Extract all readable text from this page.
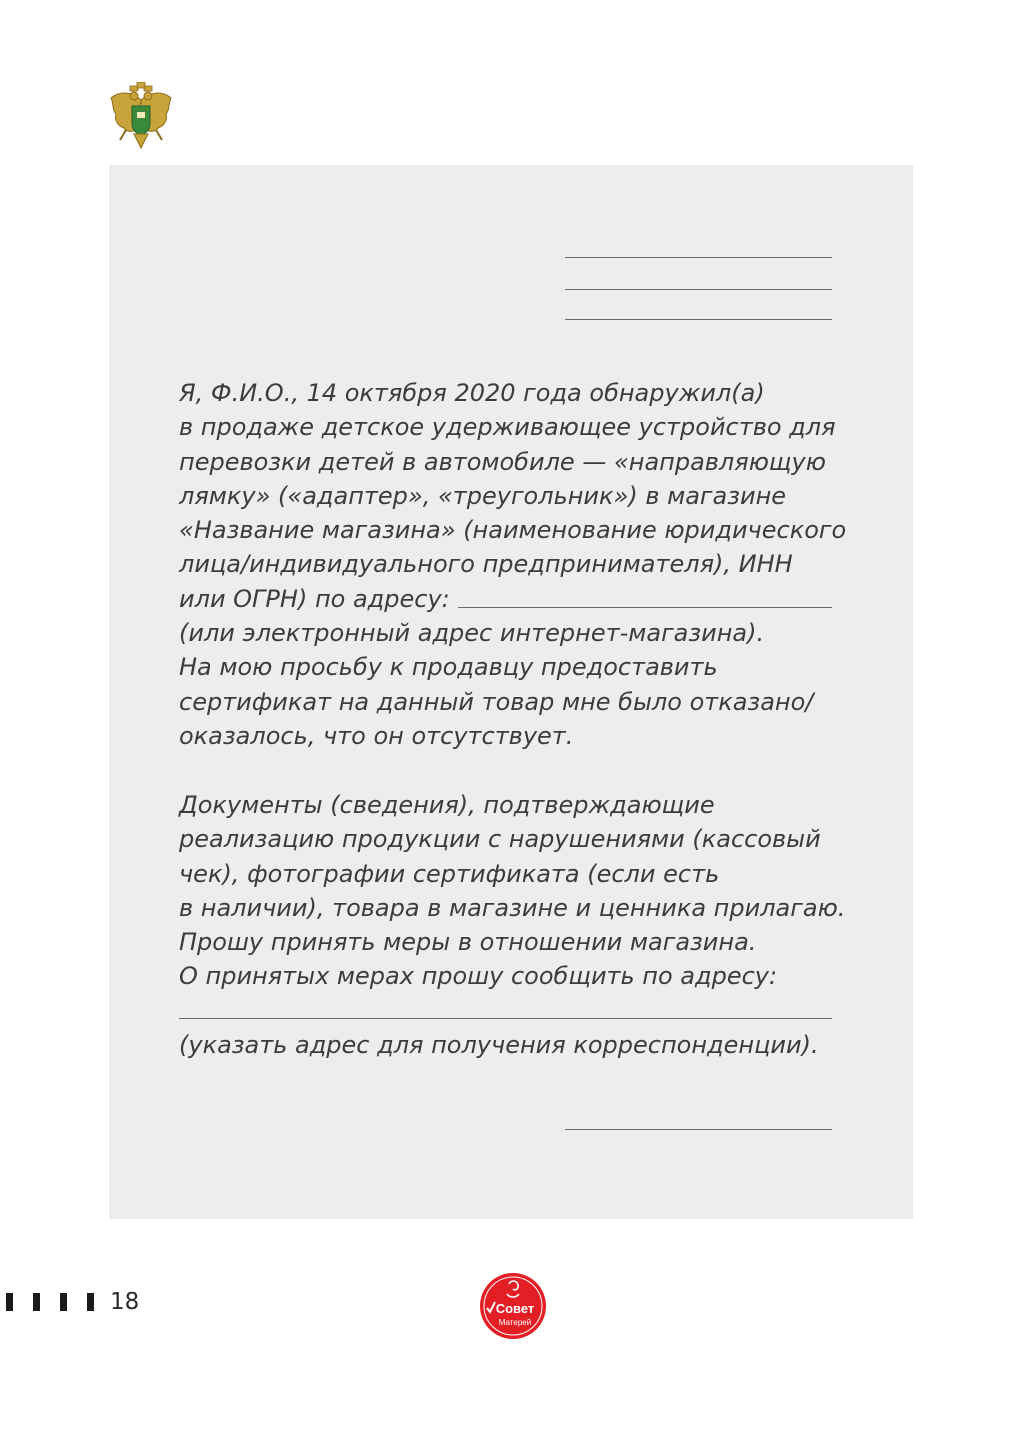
Я, Ф.И.О., 14 октября 2020 года обнаружил(а)
в продаже детское удерживающее устройство для
перевозки детей в автомобиле — «направляющую
лямку» («адаптер», «треугольник») в магазине
«Название магазина» (наименование юридического
лица/индивидуального предпринимателя), ИНН
или ОГРН) по адресу:
(или электронный адрес интернет-магазина).
На мою просьбу к продавцу предоставить
сертификат на данный товар мне было отказано/
оказалось, что он отсутствует.

Документы (сведения), подтверждающие
реализацию продукции с нарушениями (кассовый
чек), фотографии сертификата (если есть
в наличии), товара в магазине и ценника прилагаю.
Прошу принять меры в отношении магазина.
О принятых мерах прошу сообщить по адресу:

(указать адрес для получения корреспонденции).

18	Совет
Матерей
